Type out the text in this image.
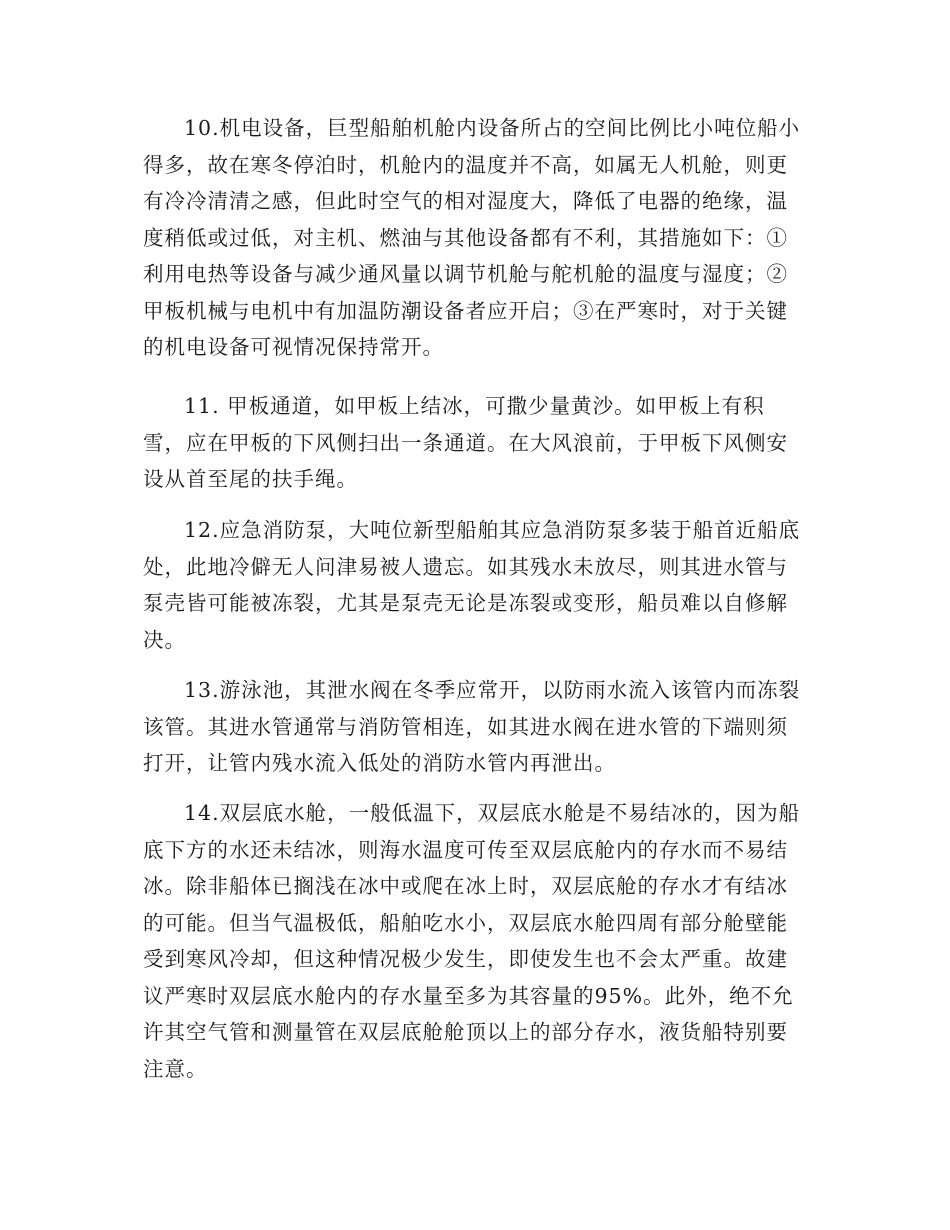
10.机电设备，巨型船舶机舱内设备所占的空间比例比小吨位船小
得多，故在寒冬停泊时，机舱内的温度并不高，如属无人机舱，则更
有冷冷清清之感，但此时空气的相对湿度大，降低了电器的绝缘，温
度稍低或过低，对主机、燃油与其他设备都有不利，其措施如下：①
利用电热等设备与减少通风量以调节机舱与舵机舱的温度与湿度；②
甲板机械与电机中有加温防潮设备者应开启；③在严寒时，对于关键
的机电设备可视情况保持常开。

11. 甲板通道，如甲板上结冰，可撒少量黄沙。如甲板上有积
雪，应在甲板的下风侧扫出一条通道。在大风浪前，于甲板下风侧安
设从首至尾的扶手绳。

12.应急消防泵，大吨位新型船舶其应急消防泵多装于船首近船底
处，此地冷僻无人问津易被人遗忘。如其残水未放尽，则其进水管与
泵壳皆可能被冻裂，尤其是泵壳无论是冻裂或变形，船员难以自修解
决。

13.游泳池，其泄水阀在冬季应常开，以防雨水流入该管内而冻裂
该管。其进水管通常与消防管相连，如其进水阀在进水管的下端则须
打开，让管内残水流入低处的消防水管内再泄出。

14.双层底水舱，一般低温下，双层底水舱是不易结冰的，因为船
底下方的水还未结冰，则海水温度可传至双层底舱内的存水而不易结
冰。除非船体已搁浅在冰中或爬在冰上时，双层底舱的存水才有结冰
的可能。但当气温极低，船舶吃水小，双层底水舱四周有部分舱壁能
受到寒风冷却，但这种情况极少发生，即使发生也不会太严重。故建
议严寒时双层底水舱内的存水量至多为其容量的95%。此外，绝不允
许其空气管和测量管在双层底舱舱顶以上的部分存水，液货船特别要
注意。
